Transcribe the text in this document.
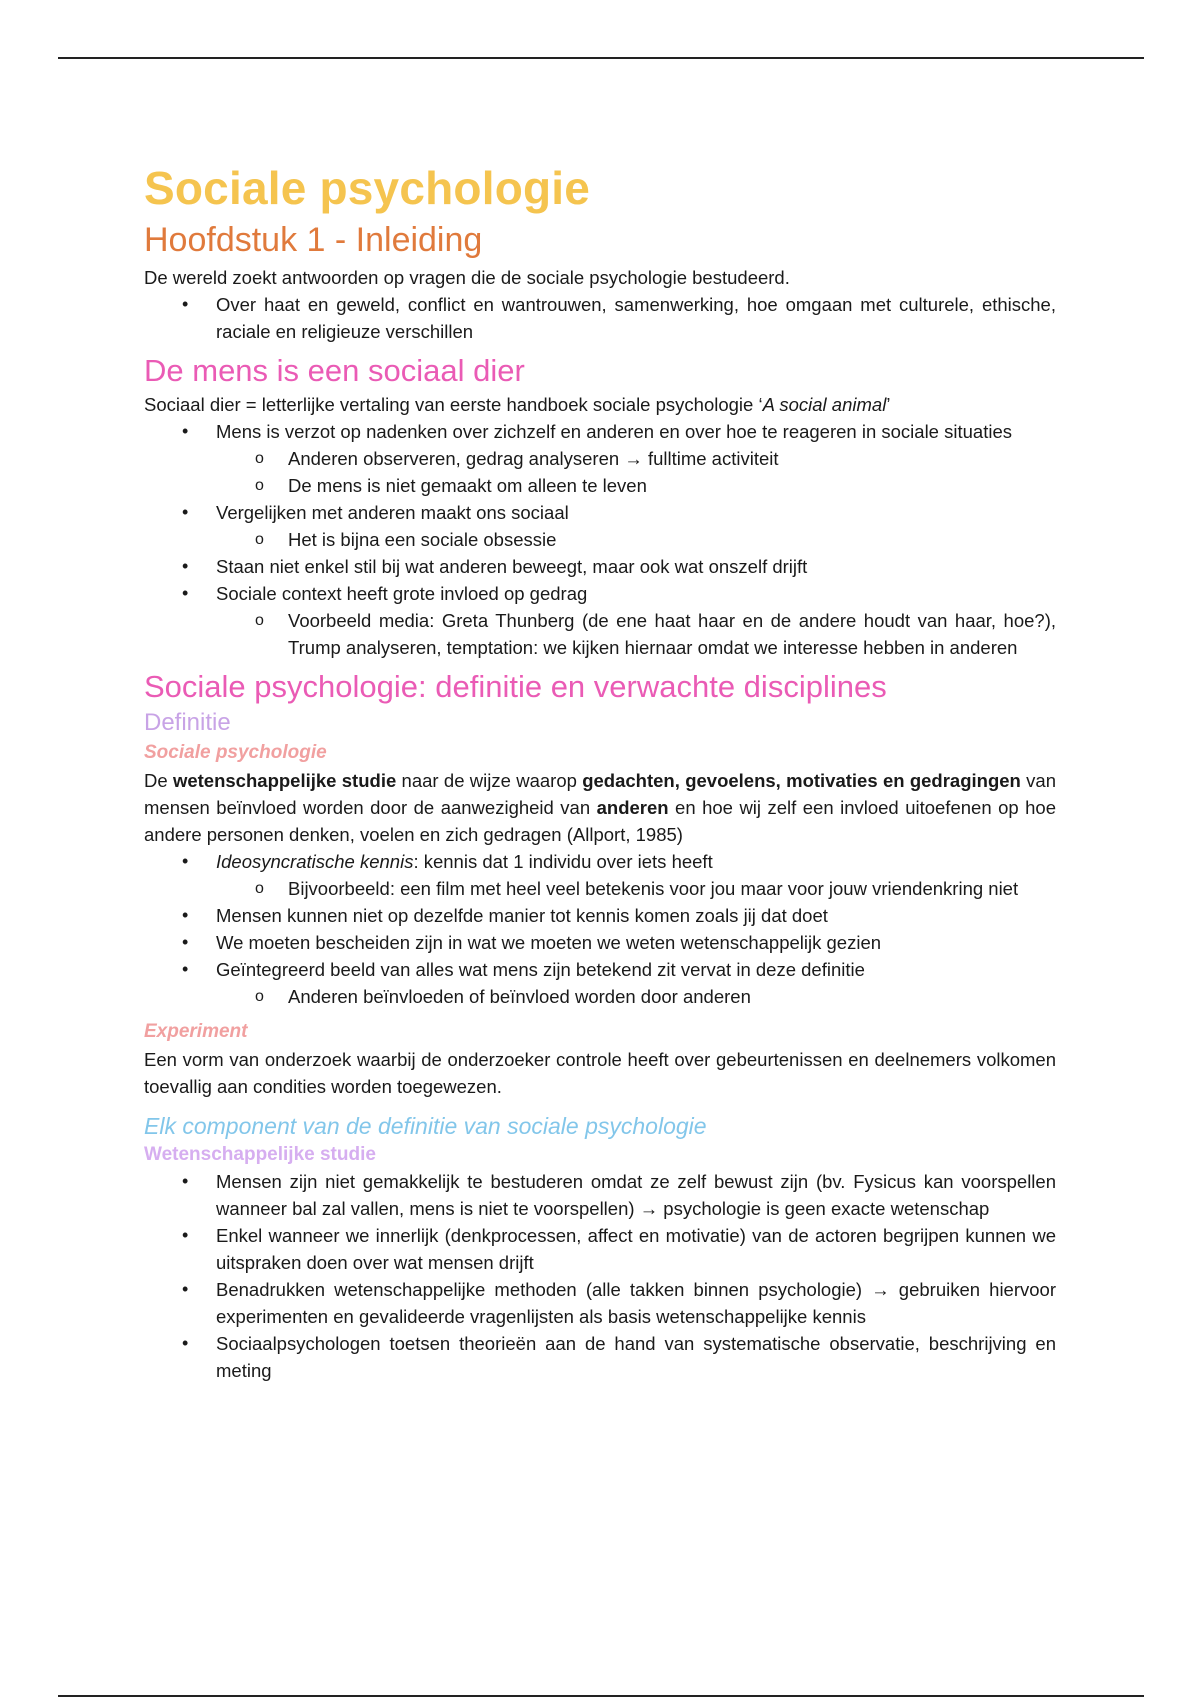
Sociale psychologie
Hoofdstuk 1 - Inleiding

De wereld zoekt antwoorden op vragen die de sociale psychologie bestudeerd.

• Over haat en geweld, conflict en wantrouwen, samenwerking, hoe omgaan met culturele, ethische, raciale en religieuze verschillen
De mens is een sociaal dier

Sociaal dier = letterlijke vertaling van eerste handboek sociale psychologie ‘A social animal’

• Mens is verzot op nadenken over zichzelf en anderen en over hoe te reageren in sociale situaties
o Anderen observeren, gedrag analyseren → fulltime activiteit
o De mens is niet gemaakt om alleen te leven
• Vergelijken met anderen maakt ons sociaal
o Het is bijna een sociale obsessie
• Staan niet enkel stil bij wat anderen beweegt, maar ook wat onszelf drijft
• Sociale context heeft grote invloed op gedrag
o Voorbeeld media: Greta Thunberg (de ene haat haar en de andere houdt van haar, hoe?), Trump analyseren, temptation: we kijken hiernaar omdat we interesse hebben in anderen
Sociale psychologie: definitie en verwachte disciplines
Definitie
Sociale psychologie

De wetenschappelijke studie naar de wijze waarop gedachten, gevoelens, motivaties en gedragingen van mensen beïnvloed worden door de aanwezigheid van anderen en hoe wij zelf een invloed uitoefenen op hoe andere personen denken, voelen en zich gedragen (Allport, 1985)

• Ideosyncratische kennis: kennis dat 1 individu over iets heeft
o Bijvoorbeeld: een film met heel veel betekenis voor jou maar voor jouw vriendenkring niet
• Mensen kunnen niet op dezelfde manier tot kennis komen zoals jij dat doet
• We moeten bescheiden zijn in wat we moeten we weten wetenschappelijk gezien
• Geïntegreerd beeld van alles wat mens zijn betekend zit vervat in deze definitie
o Anderen beïnvloeden of beïnvloed worden door anderen
Experiment

Een vorm van onderzoek waarbij de onderzoeker controle heeft over gebeurtenissen en deelnemers volkomen toevallig aan condities worden toegewezen.

Elk component van de definitie van sociale psychologie
Wetenschappelijke studie
• Mensen zijn niet gemakkelijk te bestuderen omdat ze zelf bewust zijn (bv. Fysicus kan voorspellen wanneer bal zal vallen, mens is niet te voorspellen) → psychologie is geen exacte wetenschap
• Enkel wanneer we innerlijk (denkprocessen, affect en motivatie) van de actoren begrijpen kunnen we uitspraken doen over wat mensen drijft
• Benadrukken wetenschappelijke methoden (alle takken binnen psychologie) → gebruiken hiervoor experimenten en gevalideerde vragenlijsten als basis wetenschappelijke kennis
• Sociaalpsychologen toetsen theorieën aan de hand van systematische observatie, beschrijving en meting
